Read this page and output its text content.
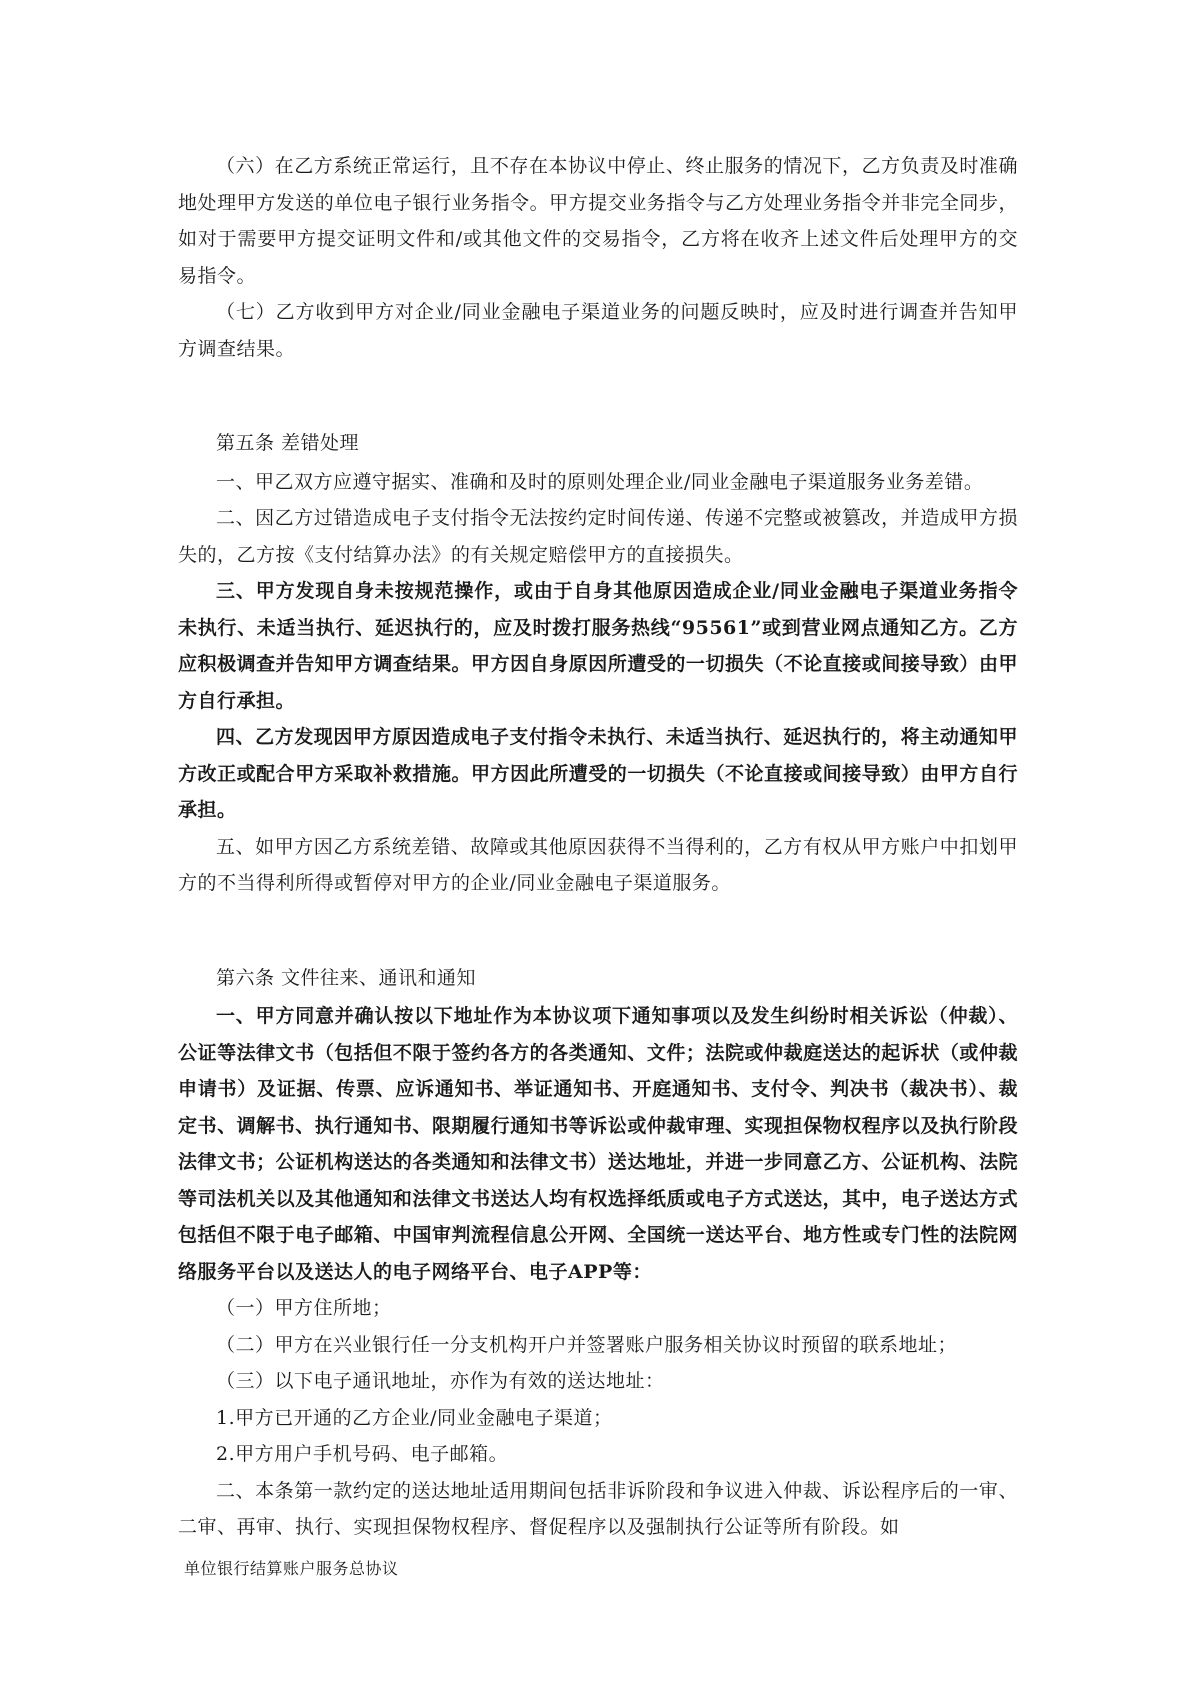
（六）在乙方系统正常运行，且不存在本协议中停止、终止服务的情况下，乙方负责及时准确地处理甲方发送的单位电子银行业务指令。甲方提交业务指令与乙方处理业务指令并非完全同步，如对于需要甲方提交证明文件和/或其他文件的交易指令，乙方将在收齐上述文件后处理甲方的交易指令。

（七）乙方收到甲方对企业/同业金融电子渠道业务的问题反映时，应及时进行调查并告知甲方调查结果。

第五条 差错处理

一、甲乙双方应遵守据实、准确和及时的原则处理企业/同业金融电子渠道服务业务差错。

二、因乙方过错造成电子支付指令无法按约定时间传递、传递不完整或被篡改，并造成甲方损失的，乙方按《支付结算办法》的有关规定赔偿甲方的直接损失。

三、甲方发现自身未按规范操作，或由于自身其他原因造成企业/同业金融电子渠道业务指令未执行、未适当执行、延迟执行的，应及时拨打服务热线“95561”或到营业网点通知乙方。乙方应积极调查并告知甲方调查结果。甲方因自身原因所遭受的一切损失（不论直接或间接导致）由甲方自行承担。

四、乙方发现因甲方原因造成电子支付指令未执行、未适当执行、延迟执行的，将主动通知甲方改正或配合甲方采取补救措施。甲方因此所遭受的一切损失（不论直接或间接导致）由甲方自行承担。

五、如甲方因乙方系统差错、故障或其他原因获得不当得利的，乙方有权从甲方账户中扣划甲方的不当得利所得或暂停对甲方的企业/同业金融电子渠道服务。

第六条 文件往来、通讯和通知

一、甲方同意并确认按以下地址作为本协议项下通知事项以及发生纠纷时相关诉讼（仲裁）、公证等法律文书（包括但不限于签约各方的各类通知、文件；法院或仲裁庭送达的起诉状（或仲裁申请书）及证据、传票、应诉通知书、举证通知书、开庭通知书、支付令、判决书（裁决书）、裁定书、调解书、执行通知书、限期履行通知书等诉讼或仲裁审理、实现担保物权程序以及执行阶段法律文书；公证机构送达的各类通知和法律文书）送达地址，并进一步同意乙方、公证机构、法院等司法机关以及其他通知和法律文书送达人均有权选择纸质或电子方式送达，其中，电子送达方式包括但不限于电子邮箱、中国审判流程信息公开网、全国统一送达平台、地方性或专门性的法院网络服务平台以及送达人的电子网络平台、电子APP等：

（一）甲方住所地；

（二）甲方在兴业银行任一分支机构开户并签署账户服务相关协议时预留的联系地址；

（三）以下电子通讯地址，亦作为有效的送达地址：

1.甲方已开通的乙方企业/同业金融电子渠道；

2.甲方用户手机号码、电子邮箱。

二、本条第一款约定的送达地址适用期间包括非诉阶段和争议进入仲裁、诉讼程序后的一审、二审、再审、执行、实现担保物权程序、督促程序以及强制执行公证等所有阶段。如

单位银行结算账户服务总协议
